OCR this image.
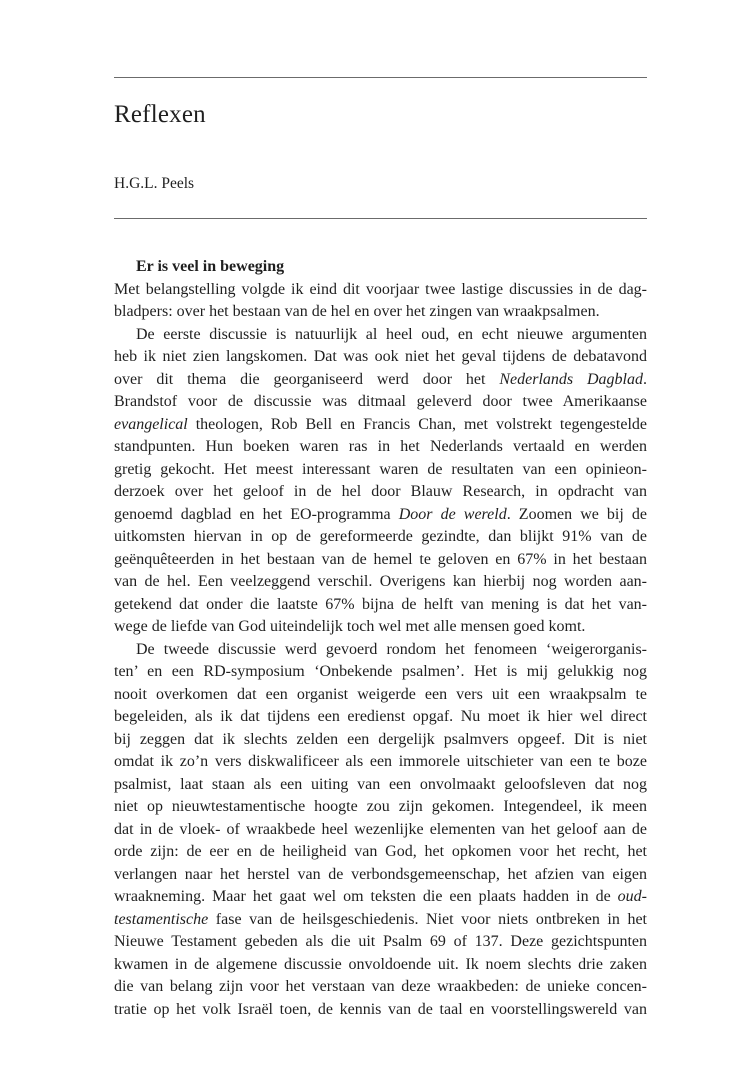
Reflexen
H.G.L. Peels
Er is veel in beweging
Met belangstelling volgde ik eind dit voorjaar twee lastige discussies in de dag-
bladpers: over het bestaan van de hel en over het zingen van wraakpsalmen.
De eerste discussie is natuurlijk al heel oud, en echt nieuwe argumenten
heb ik niet zien langskomen. Dat was ook niet het geval tijdens de debatavond
over dit thema die georganiseerd werd door het Nederlands Dagblad.
Brandstof voor de discussie was ditmaal geleverd door twee Amerikaanse
evangelical theologen, Rob Bell en Francis Chan, met volstrekt tegengestelde
standpunten. Hun boeken waren ras in het Nederlands vertaald en werden
gretig gekocht. Het meest interessant waren de resultaten van een opinieon-
derzoek over het geloof in de hel door Blauw Research, in opdracht van
genoemd dagblad en het EO-programma Door de wereld. Zoomen we bij de
uitkomsten hiervan in op de gereformeerde gezindte, dan blijkt 91% van de
geënquêteerden in het bestaan van de hemel te geloven en 67% in het bestaan
van de hel. Een veelzeggend verschil. Overigens kan hierbij nog worden aan-
getekend dat onder die laatste 67% bijna de helft van mening is dat het van-
wege de liefde van God uiteindelijk toch wel met alle mensen goed komt.
De tweede discussie werd gevoerd rondom het fenomeen ‘weigerorganis-
ten’ en een RD-symposium ‘Onbekende psalmen’. Het is mij gelukkig nog
nooit overkomen dat een organist weigerde een vers uit een wraakpsalm te
begeleiden, als ik dat tijdens een eredienst opgaf. Nu moet ik hier wel direct
bij zeggen dat ik slechts zelden een dergelijk psalmvers opgeef. Dit is niet
omdat ik zo’n vers diskwalificeer als een immorele uitschieter van een te boze
psalmist, laat staan als een uiting van een onvolmaakt geloofsleven dat nog
niet op nieuwtestamentische hoogte zou zijn gekomen. Integendeel, ik meen
dat in de vloek- of wraakbede heel wezenlijke elementen van het geloof aan de
orde zijn: de eer en de heiligheid van God, het opkomen voor het recht, het
verlangen naar het herstel van de verbondsgemeenschap, het afzien van eigen
wraakneming. Maar het gaat wel om teksten die een plaats hadden in de oud-
testamentische fase van de heilsgeschiedenis. Niet voor niets ontbreken in het
Nieuwe Testament gebeden als die uit Psalm 69 of 137. Deze gezichtspunten
kwamen in de algemene discussie onvoldoende uit. Ik noem slechts drie zaken
die van belang zijn voor het verstaan van deze wraakbeden: de unieke concen-
tratie op het volk Israël toen, de kennis van de taal en voorstellingswereld van
